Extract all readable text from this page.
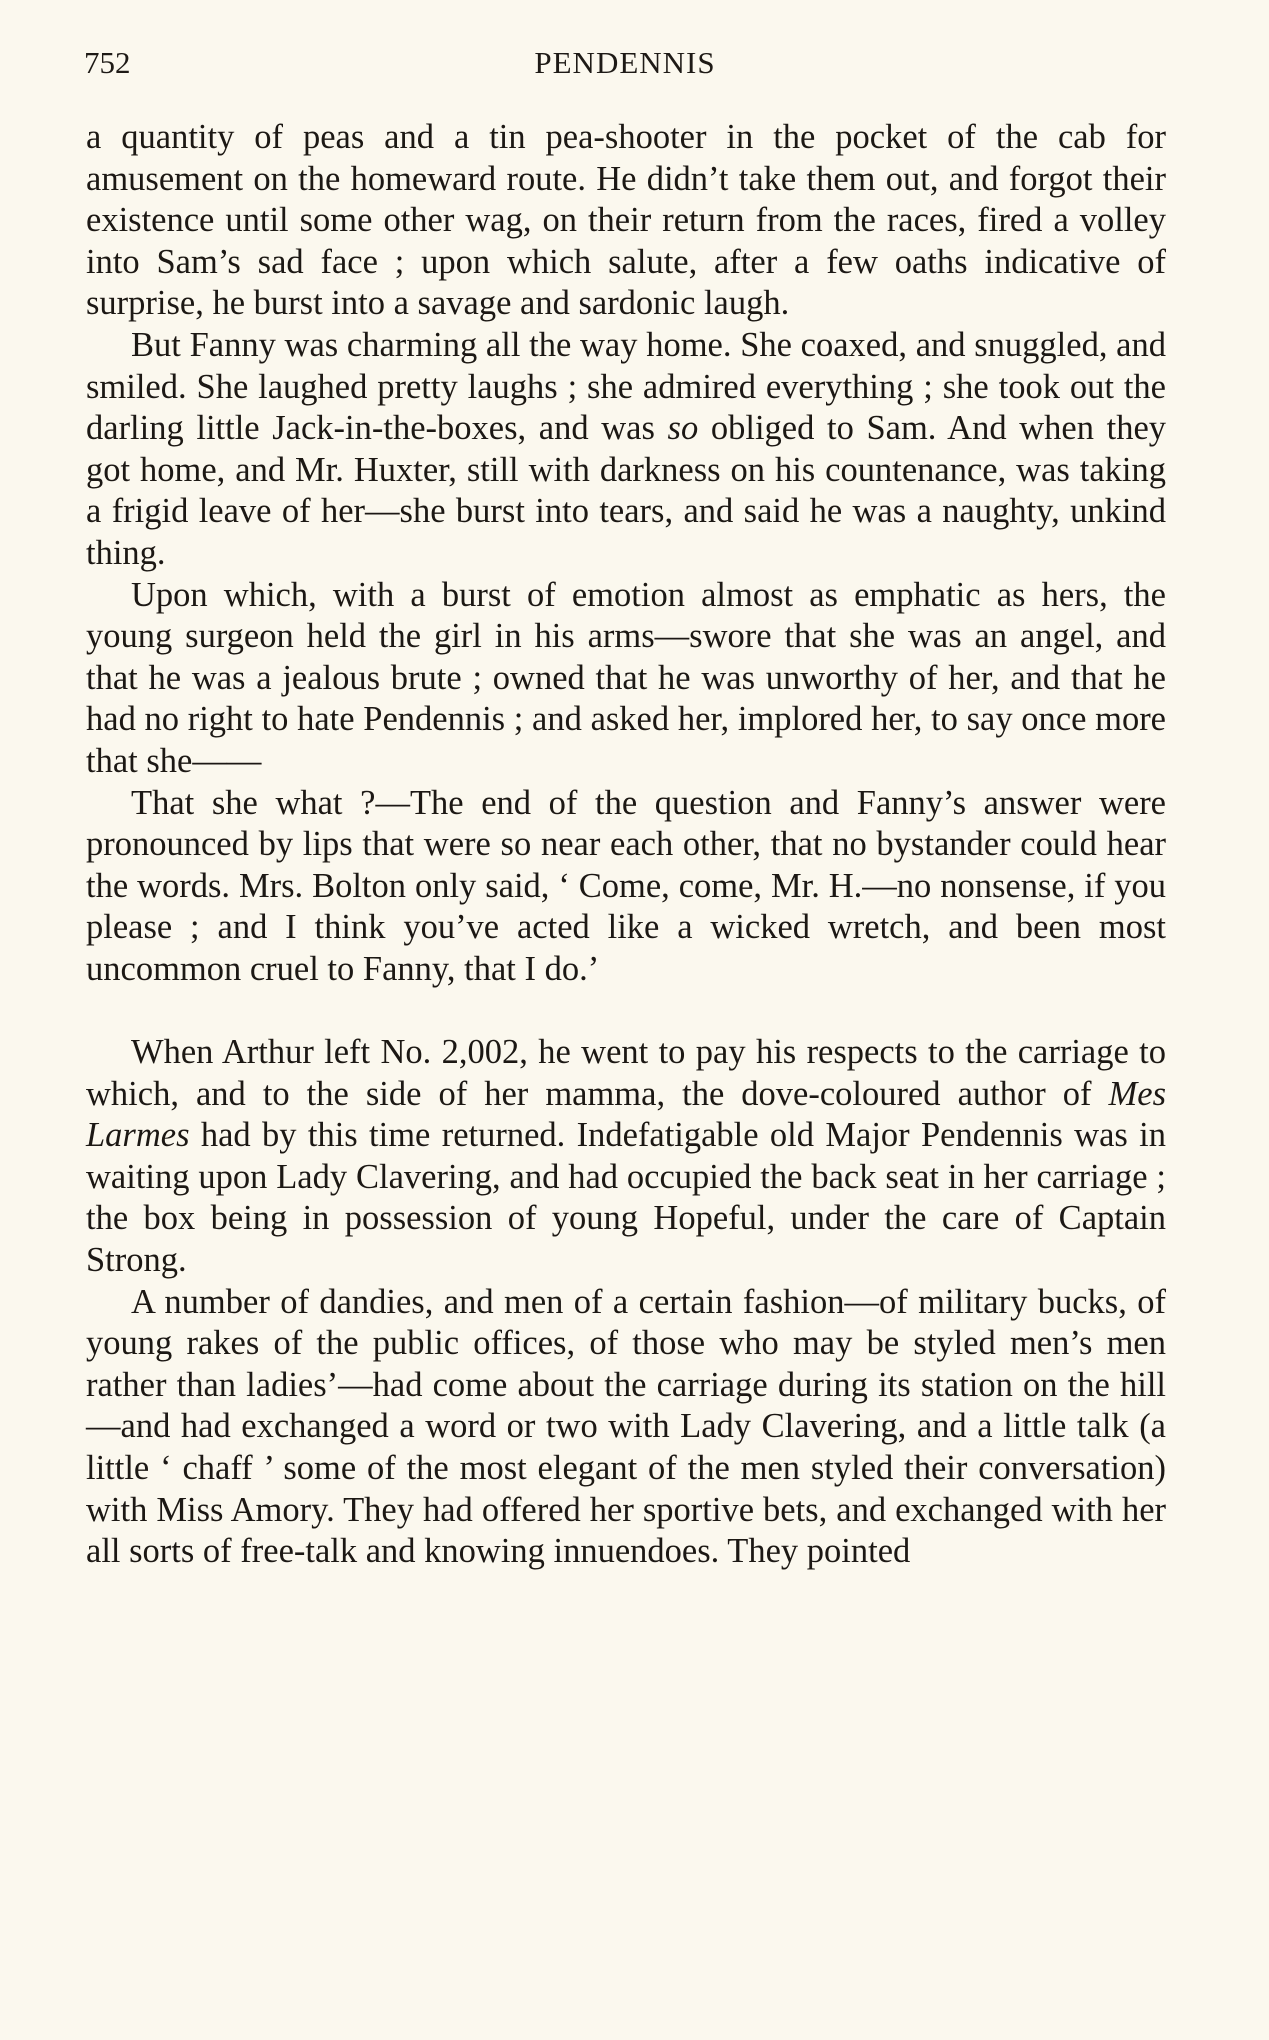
752	PENDENNIS

a quantity of peas and a tin pea-shooter in the pocket of the cab for amusement on the homeward route. He didn’t take them out, and forgot their existence until some other wag, on their return from the races, fired a volley into Sam’s sad face ; upon which salute, after a few oaths indicative of surprise, he burst into a savage and sardonic laugh.

But Fanny was charming all the way home. She coaxed, and snuggled, and smiled. She laughed pretty laughs ; she admired everything ; she took out the darling little Jack-in-the-boxes, and was so obliged to Sam. And when they got home, and Mr. Huxter, still with darkness on his countenance, was taking a frigid leave of her—she burst into tears, and said he was a naughty, unkind thing.

Upon which, with a burst of emotion almost as emphatic as hers, the young surgeon held the girl in his arms—swore that she was an angel, and that he was a jealous brute ; owned that he was unworthy of her, and that he had no right to hate Pendennis ; and asked her, implored her, to say once more that she——

That she what ?—The end of the question and Fanny’s answer were pronounced by lips that were so near each other, that no bystander could hear the words. Mrs. Bolton only said, ‘ Come, come, Mr. H.—no nonsense, if you please ; and I think you’ve acted like a wicked wretch, and been most uncommon cruel to Fanny, that I do.’

When Arthur left No. 2,002, he went to pay his respects to the carriage to which, and to the side of her mamma, the dove-coloured author of Mes Larmes had by this time returned. Indefatigable old Major Pendennis was in waiting upon Lady Clavering, and had occupied the back seat in her carriage ; the box being in possession of young Hopeful, under the care of Captain Strong.

A number of dandies, and men of a certain fashion—of military bucks, of young rakes of the public offices, of those who may be styled men’s men rather than ladies’—had come about the carriage during its station on the hill—and had exchanged a word or two with Lady Clavering, and a little talk (a little ‘ chaff ’ some of the most elegant of the men styled their conversation) with Miss Amory. They had offered her sportive bets, and exchanged with her all sorts of free-talk and knowing innuendoes. They pointed
